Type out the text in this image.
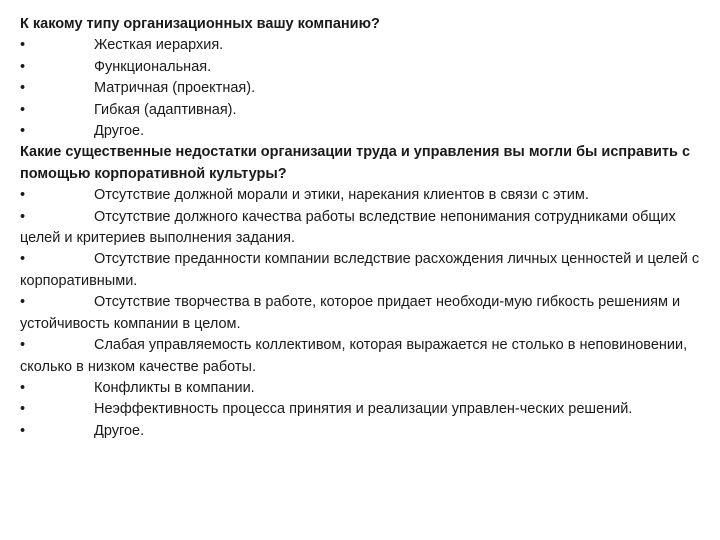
К какому типу организационных вашу компанию?

•	Жесткая иерархия.

•	Функциональная.

•	Матричная (проектная).

•	Гибкая (адаптивная).

•	Другое.

Какие существенные недостатки организации труда и управления вы могли бы исправить с помощью корпоративной культуры?

•	Отсутствие должной морали и этики, нарекания клиентов в связи с этим.

•	Отсутствие должного качества работы вследствие непонимания сотрудниками общих целей и критериев выполнения задания.

•	Отсутствие преданности компании вследствие расхождения личных ценностей и целей с корпоративными.

•	Отсутствие творчества в работе, которое придает необходи-мую гибкость решениям и устойчивость компании в целом.

•	Слабая управляемость коллективом, которая выражается не столько в неповиновении, сколько в низком качестве работы.

•	Конфликты в компании.

•	Неэффективность процесса принятия и реализации управлен-ческих решений.

•	Другое.
